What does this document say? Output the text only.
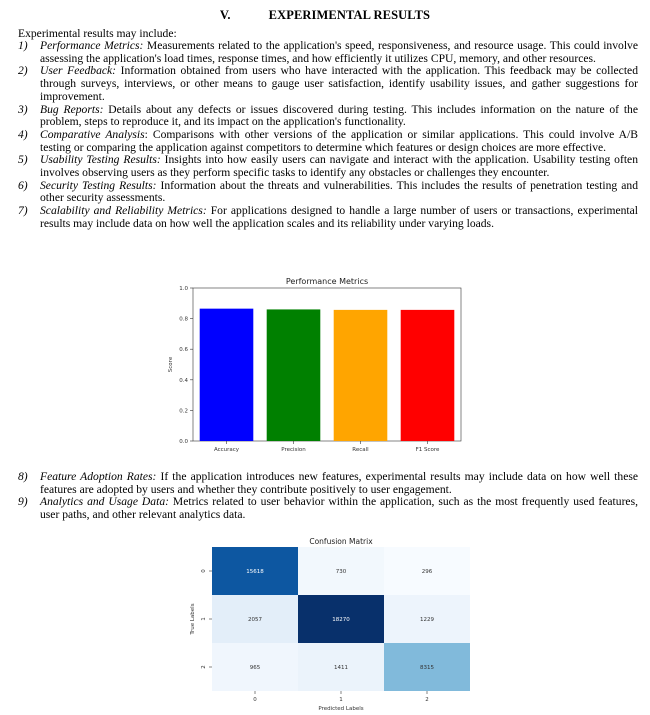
V.	EXPERIMENTAL RESULTS
Experimental results may include:
1) Performance Metrics: Measurements related to the application's speed, responsiveness, and resource usage. This could involve assessing the application's load times, response times, and how efficiently it utilizes CPU, memory, and other resources.
2) User Feedback: Information obtained from users who have interacted with the application. This feedback may be collected through surveys, interviews, or other means to gauge user satisfaction, identify usability issues, and gather suggestions for improvement.
3) Bug Reports: Details about any defects or issues discovered during testing. This includes information on the nature of the problem, steps to reproduce it, and its impact on the application's functionality.
4) Comparative Analysis: Comparisons with other versions of the application or similar applications. This could involve A/B testing or comparing the application against competitors to determine which features or design choices are more effective.
5) Usability Testing Results: Insights into how easily users can navigate and interact with the application. Usability testing often involves observing users as they perform specific tasks to identify any obstacles or challenges they encounter.
6) Security Testing Results: Information about the threats and vulnerabilities. This includes the results of penetration testing and other security assessments.
7) Scalability and Reliability Metrics: For applications designed to handle a large number of users or transactions, experimental results may include data on how well the application scales and its reliability under varying loads.
Performance Metrics
0.0
0.2
0.4
0.6
0.8
1.0
Accuracy	Precision	Recall	F1 Score
Score
8) Feature Adoption Rates: If the application introduces new features, experimental results may include data on how well these features are adopted by users and whether they contribute positively to user engagement.
9) Analytics and Usage Data: Metrics related to user behavior within the application, such as the most frequently used features, user paths, and other relevant analytics data.
Confusion Matrix
15618	730	296
2057	18270	1229
965	1411	8315
0	1	2
0
1
2
Predicted Labels
True Labels
